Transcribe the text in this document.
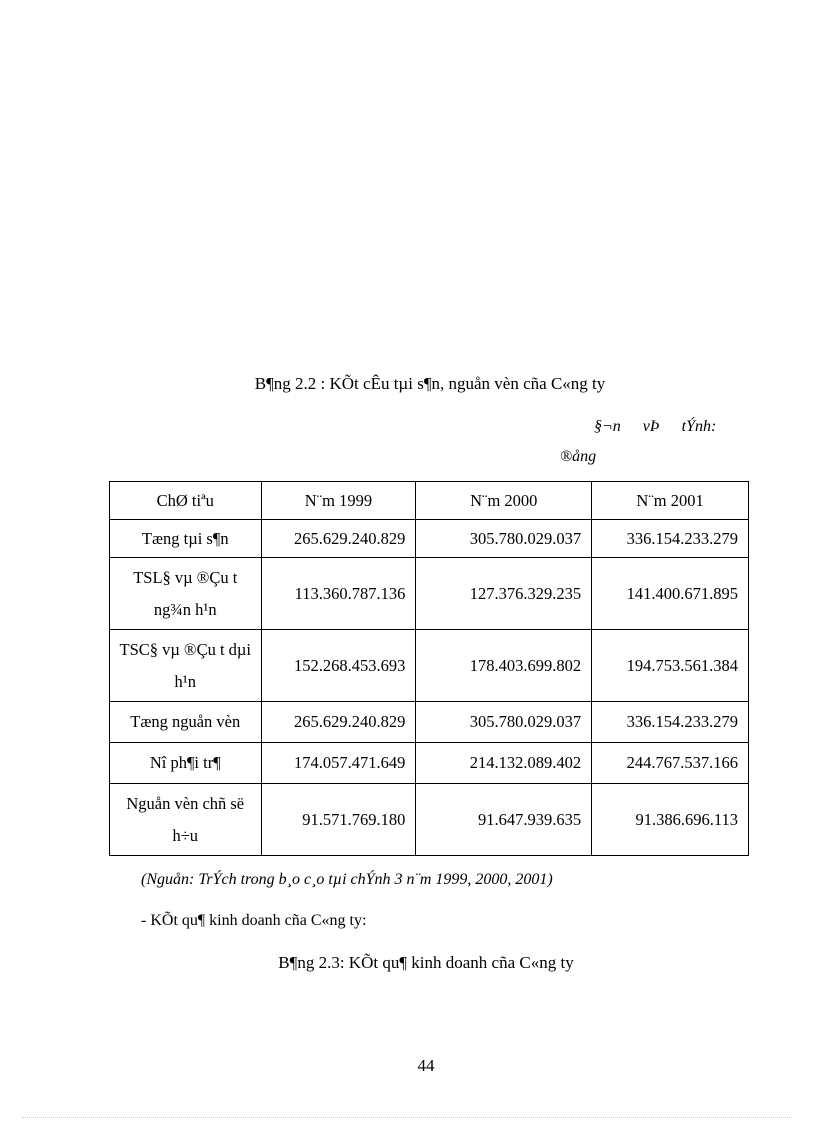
B¶ng 2.2 : KÕt cÊu tµi s¶n, nguån vèn cña C«ng ty
§¬n vÞ tÝnh:
®ång
ChØ tiªu	N¨m 1999	N¨m 2000	N¨m 2001
Tæng tµi s¶n	265.629.240.829	305.780.029.037	336.154.233.279
TSL§ vµ ®Çu t ng¾n h¹n	113.360.787.136	127.376.329.235	141.400.671.895
TSC§ vµ ®Çu t dµi h¹n	152.268.453.693	178.403.699.802	194.753.561.384
Tæng nguån vèn	265.629.240.829	305.780.029.037	336.154.233.279
Nî ph¶i tr¶	174.057.471.649	214.132.089.402	244.767.537.166
Nguån vèn chñ së h÷u	91.571.769.180	91.647.939.635	91.386.696.113
(Nguån: TrÝch trong b¸o c¸o tµi chÝnh 3 n¨m 1999, 2000, 2001)
- KÕt qu¶ kinh doanh cña C«ng ty:
B¶ng 2.3: KÕt qu¶ kinh doanh cña C«ng ty
44
